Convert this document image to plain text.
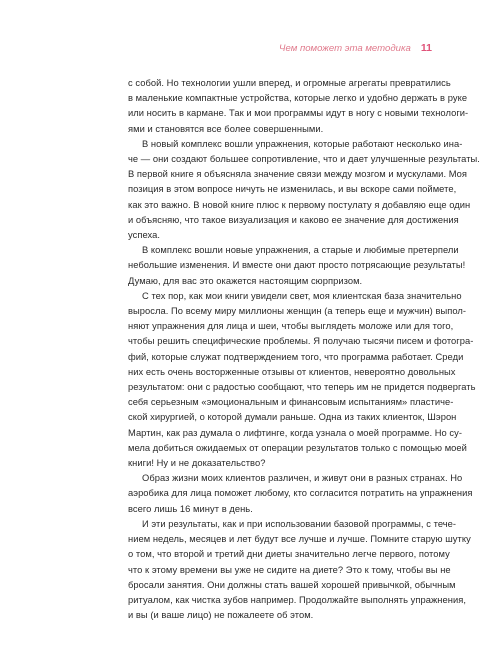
Чем поможет эта методика 11

с собой. Но технологии ушли вперед, и огромные агрегаты превратились
в маленькие компактные устройства, которые легко и удобно держать в руке
или носить в кармане. Так и мои программы идут в ногу с новыми технологи-
ями и становятся все более совершенными.

В новый комплекс вошли упражнения, которые работают несколько ина-
че — они создают большее сопротивление, что и дает улучшенные результаты.
В первой книге я объясняла значение связи между мозгом и мускулами. Моя
позиция в этом вопросе ничуть не изменилась, и вы вскоре сами поймете,
как это важно. В новой книге плюс к первому постулату я добавляю еще один
и объясняю, что такое визуализация и каково ее значение для достижения
успеха.

В комплекс вошли новые упражнения, а старые и любимые претерпели
небольшие изменения. И вместе они дают просто потрясающие результаты!
Думаю, для вас это окажется настоящим сюрпризом.

С тех пор, как мои книги увидели свет, моя клиентская база значительно
выросла. По всему миру миллионы женщин (а теперь еще и мужчин) выпол-
няют упражнения для лица и шеи, чтобы выглядеть моложе или для того,
чтобы решить специфические проблемы. Я получаю тысячи писем и фотогра-
фий, которые служат подтверждением того, что программа работает. Среди
них есть очень восторженные отзывы от клиентов, невероятно довольных
результатом: они с радостью сообщают, что теперь им не придется подвергать
себя серьезным «эмоциональным и финансовым испытаниям» пластиче-
ской хирургией, о которой думали раньше. Одна из таких клиенток, Шэрон
Мартин, как раз думала о лифтинге, когда узнала о моей программе. Но су-
мела добиться ожидаемых от операции результатов только с помощью моей
книги! Ну и не доказательство?

Образ жизни моих клиентов различен, и живут они в разных странах. Но
аэробика для лица поможет любому, кто согласится потратить на упражнения
всего лишь 16 минут в день.

И эти результаты, как и при использовании базовой программы, с тече-
нием недель, месяцев и лет будут все лучше и лучше. Помните старую шутку
о том, что второй и третий дни диеты значительно легче первого, потому
что к этому времени вы уже не сидите на диете? Это к тому, чтобы вы не
бросали занятия. Они должны стать вашей хорошей привычкой, обычным
ритуалом, как чистка зубов например. Продолжайте выполнять упражнения,
и вы (и ваше лицо) не пожалеете об этом.
